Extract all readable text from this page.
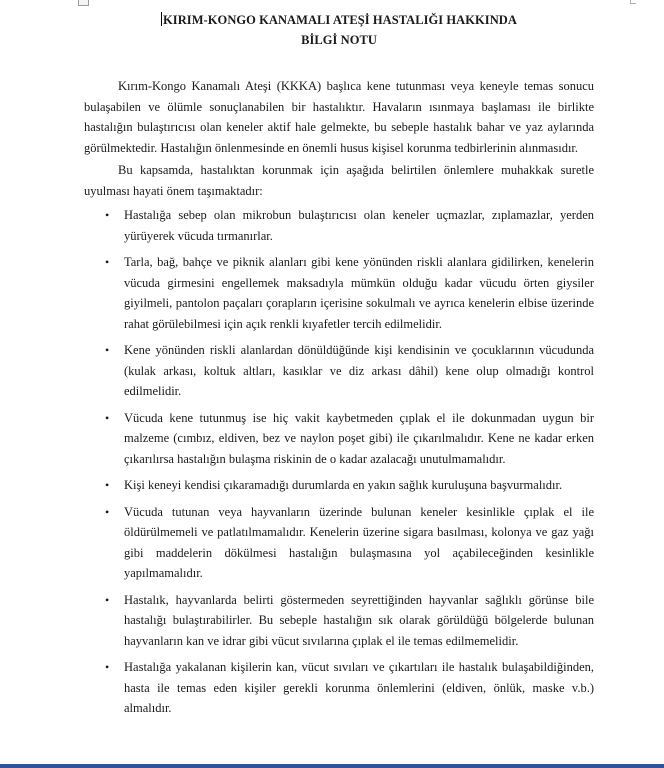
KIRIM-KONGO KANAMALI ATEŞİ HASTALIĞI HAKKINDA

BİLGİ NOTU

Kırım-Kongo Kanamalı Ateşi (KKKA) başlıca kene tutunması veya keneyle temas sonucu bulaşabilen ve ölümle sonuçlanabilen bir hastalıktır. Havaların ısınmaya başlaması ile birlikte hastalığın bulaştırıcısı olan keneler aktif hale gelmekte, bu sebeple hastalık bahar ve yaz aylarında görülmektedir. Hastalığın önlenmesinde en önemli husus kişisel korunma tedbirlerinin alınmasıdır.

Bu kapsamda, hastalıktan korunmak için aşağıda belirtilen önlemlere muhakkak suretle uyulması hayati önem taşımaktadır:

• Hastalığa sebep olan mikrobun bulaştırıcısı olan keneler uçmazlar, zıplamazlar, yerden yürüyerek vücuda tırmanırlar.
• Tarla, bağ, bahçe ve piknik alanları gibi kene yönünden riskli alanlara gidilirken, kenelerin vücuda girmesini engellemek maksadıyla mümkün olduğu kadar vücudu örten giysiler giyilmeli, pantolon paçaları çorapların içerisine sokulmalı ve ayrıca kenelerin elbise üzerinde rahat görülebilmesi için açık renkli kıyafetler tercih edilmelidir.
• Kene yönünden riskli alanlardan dönüldüğünde kişi kendisinin ve çocuklarının vücudunda (kulak arkası, koltuk altları, kasıklar ve diz arkası dâhil) kene olup olmadığı kontrol edilmelidir.
• Vücuda kene tutunmuş ise hiç vakit kaybetmeden çıplak el ile dokunmadan uygun bir malzeme (cımbız, eldiven, bez ve naylon poşet gibi) ile çıkarılmalıdır. Kene ne kadar erken çıkarılırsa hastalığın bulaşma riskinin de o kadar azalacağı unutulmamalıdır.
• Kişi keneyi kendisi çıkaramadığı durumlarda en yakın sağlık kuruluşuna başvurmalıdır.
• Vücuda tutunan veya hayvanların üzerinde bulunan keneler kesinlikle çıplak el ile öldürülmemeli ve patlatılmamalıdır. Kenelerin üzerine sigara basılması, kolonya ve gaz yağı gibi maddelerin dökülmesi hastalığın bulaşmasına yol açabileceğinden kesinlikle yapılmamalıdır.
• Hastalık, hayvanlarda belirti göstermeden seyrettiğinden hayvanlar sağlıklı görünse bile hastalığı bulaştırabilirler. Bu sebeple hastalığın sık olarak görüldüğü bölgelerde bulunan hayvanların kan ve idrar gibi vücut sıvılarına çıplak el ile temas edilmemelidir.
• Hastalığa yakalanan kişilerin kan, vücut sıvıları ve çıkartıları ile hastalık bulaşabildiğinden, hasta ile temas eden kişiler gerekli korunma önlemlerini (eldiven, önlük, maske v.b.) almalıdır.
